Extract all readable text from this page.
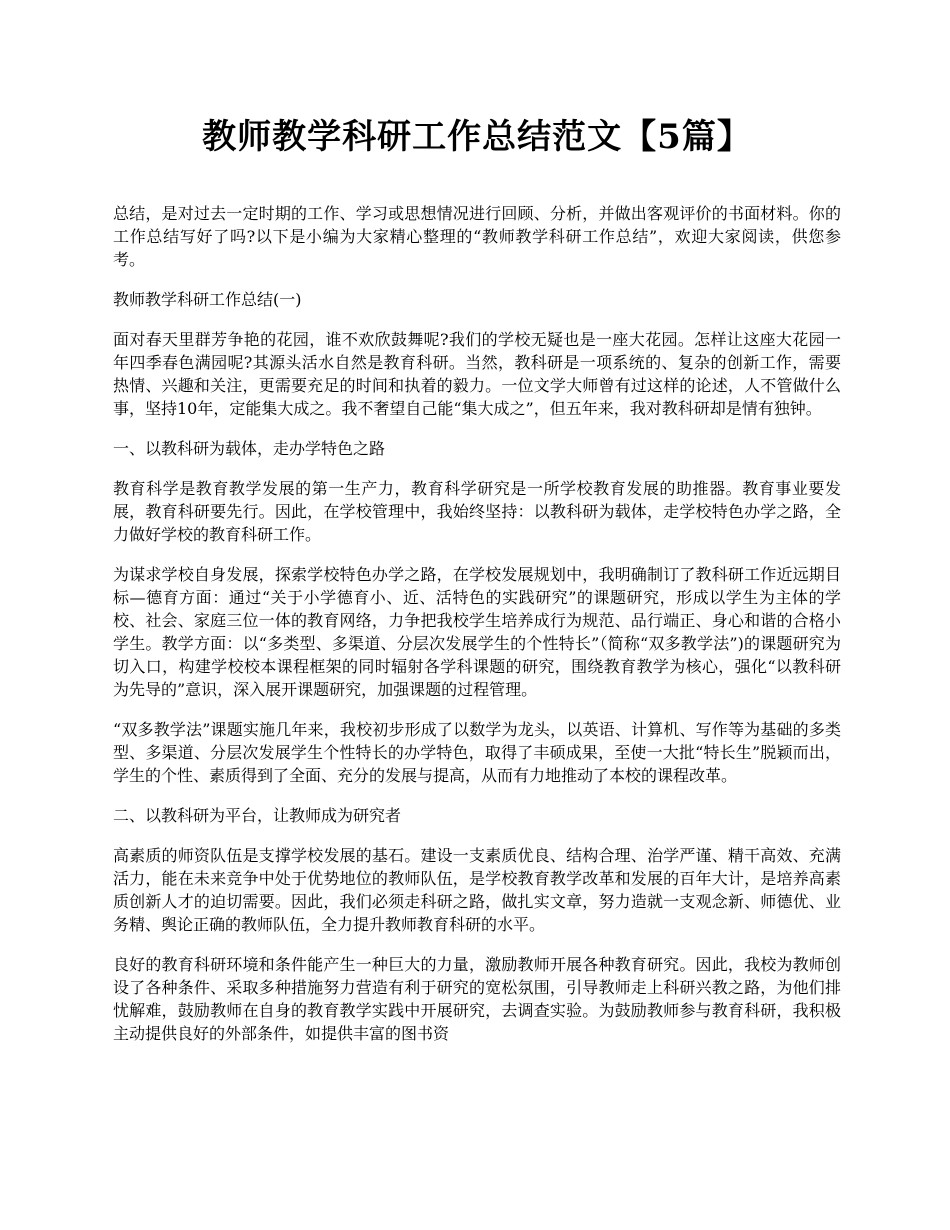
教师教学科研工作总结范文【5篇】

总结，是对过去一定时期的工作、学习或思想情况进行回顾、分析，并做出客观评价的书面材料。你的工作总结写好了吗?以下是小编为大家精心整理的“教师教学科研工作总结”，欢迎大家阅读，供您参考。

教师教学科研工作总结(一)

面对春天里群芳争艳的花园，谁不欢欣鼓舞呢?我们的学校无疑也是一座大花园。怎样让这座大花园一年四季春色满园呢?其源头活水自然是教育科研。当然，教科研是一项系统的、复杂的创新工作，需要热情、兴趣和关注，更需要充足的时间和执着的毅力。一位文学大师曾有过这样的论述，人不管做什么事，坚持10年，定能集大成之。我不奢望自己能“集大成之”，但五年来，我对教科研却是情有独钟。

一、以教科研为载体，走办学特色之路

教育科学是教育教学发展的第一生产力，教育科学研究是一所学校教育发展的助推器。教育事业要发展，教育科研要先行。因此，在学校管理中，我始终坚持：以教科研为载体，走学校特色办学之路，全力做好学校的教育科研工作。

为谋求学校自身发展，探索学校特色办学之路，在学校发展规划中，我明确制订了教科研工作近远期目标—德育方面：通过“关于小学德育小、近、活特色的实践研究”的课题研究，形成以学生为主体的学校、社会、家庭三位一体的教育网络，力争把我校学生培养成行为规范、品行端正、身心和谐的合格小学生。教学方面：以“多类型、多渠道、分层次发展学生的个性特长”（简称“双多教学法”)的课题研究为切入口，构建学校校本课程框架的同时辐射各学科课题的研究，围绕教育教学为核心，强化“以教科研为先导的”意识，深入展开课题研究，加强课题的过程管理。

“双多教学法”课题实施几年来，我校初步形成了以数学为龙头，以英语、计算机、写作等为基础的多类型、多渠道、分层次发展学生个性特长的办学特色，取得了丰硕成果，至使一大批“特长生”脱颖而出，学生的个性、素质得到了全面、充分的发展与提高，从而有力地推动了本校的课程改革。

二、以教科研为平台，让教师成为研究者

高素质的师资队伍是支撑学校发展的基石。建设一支素质优良、结构合理、治学严谨、精干高效、充满活力，能在未来竞争中处于优势地位的教师队伍，是学校教育教学改革和发展的百年大计，是培养高素质创新人才的迫切需要。因此，我们必须走科研之路，做扎实文章，努力造就一支观念新、师德优、业务精、舆论正确的教师队伍，全力提升教师教育科研的水平。

良好的教育科研环境和条件能产生一种巨大的力量，激励教师开展各种教育研究。因此，我校为教师创设了各种条件、采取多种措施努力营造有利于研究的宽松氛围，引导教师走上科研兴教之路，为他们排忧解难，鼓励教师在自身的教育教学实践中开展研究，去调查实验。为鼓励教师参与教育科研，我积极主动提供良好的外部条件，如提供丰富的图书资
